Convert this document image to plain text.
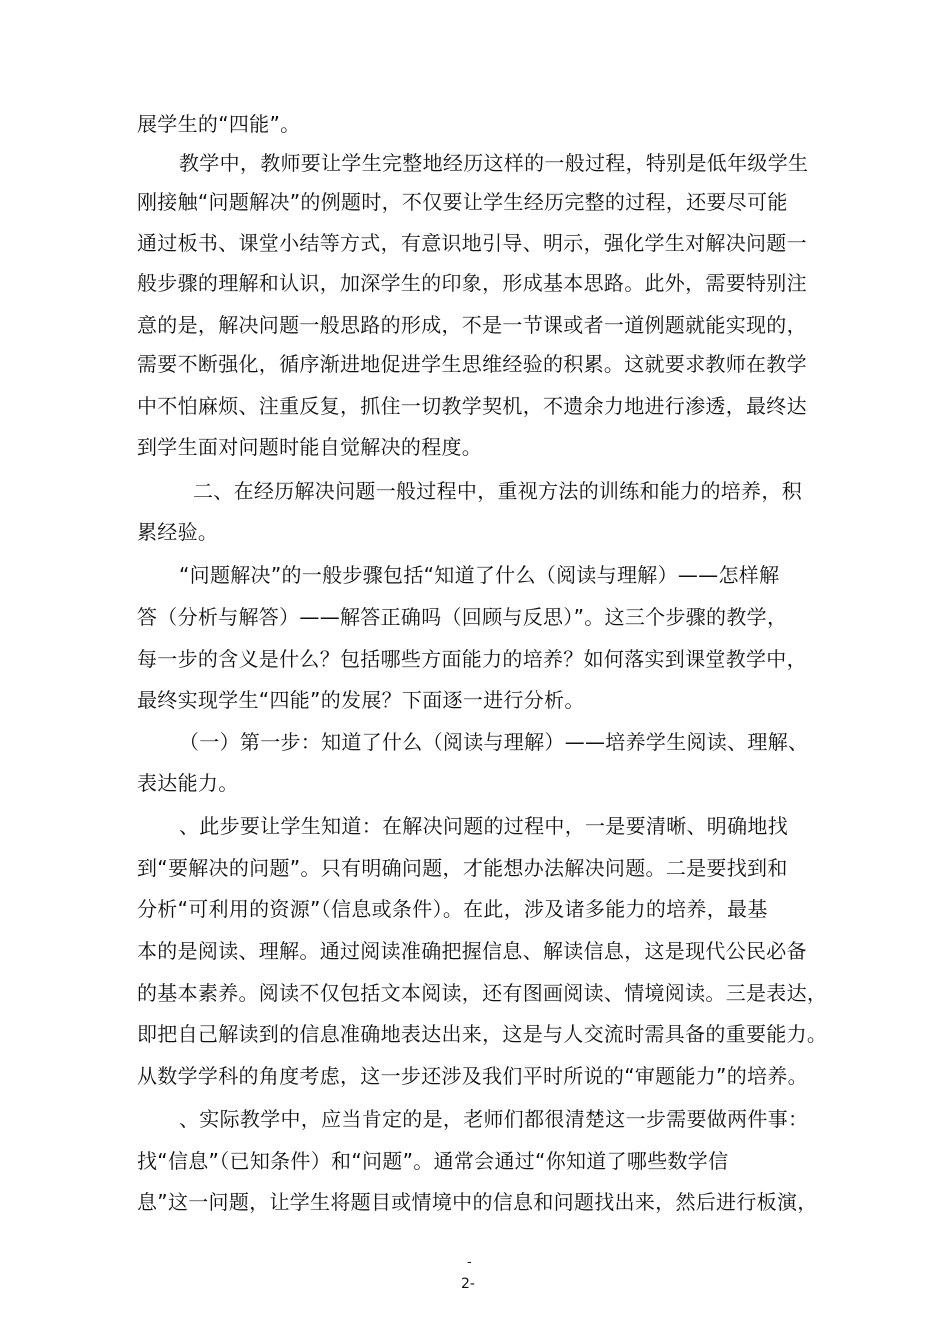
展学生的“四能”。
教学中，教师要让学生完整地经历这样的一般过程，特别是低年级学生
刚接触“问题解决”的例题时，不仅要让学生经历完整的过程，还要尽可能
通过板书、课堂小结等方式，有意识地引导、明示，强化学生对解决问题一
般步骤的理解和认识，加深学生的印象，形成基本思路。此外，需要特别注
意的是，解决问题一般思路的形成，不是一节课或者一道例题就能实现的，
需要不断强化，循序渐进地促进学生思维经验的积累。这就要求教师在教学
中不怕麻烦、注重反复，抓住一切教学契机，不遗余力地进行渗透，最终达
到学生面对问题时能自觉解决的程度。
二、在经历解决问题一般过程中，重视方法的训练和能力的培养，积
累经验。
“问题解决”的一般步骤包括“知道了什么（阅读与理解）——怎样解
答（分析与解答）——解答正确吗（回顾与反思）”。这三个步骤的教学，
每一步的含义是什么？包括哪些方面能力的培养？如何落实到课堂教学中，
最终实现学生“四能”的发展？下面逐一进行分析。
（一）第一步：知道了什么（阅读与理解）——培养学生阅读、理解、
表达能力。
、此步要让学生知道：在解决问题的过程中，一是要清晰、明确地找
到“要解决的问题”。只有明确问题，才能想办法解决问题。二是要找到和
分析“可利用的资源”（信息或条件）。在此，涉及诸多能力的培养，最基
本的是阅读、理解。通过阅读准确把握信息、解读信息，这是现代公民必备
的基本素养。阅读不仅包括文本阅读，还有图画阅读、情境阅读。三是表达，
即把自己解读到的信息准确地表达出来，这是与人交流时需具备的重要能力。
从数学学科的角度考虑，这一步还涉及我们平时所说的“审题能力”的培养。
、实际教学中，应当肯定的是，老师们都很清楚这一步需要做两件事：
找“信息”（已知条件）和“问题”。通常会通过“你知道了哪些数学信
息”这一问题，让学生将题目或情境中的信息和问题找出来，然后进行板演，
-
2-
